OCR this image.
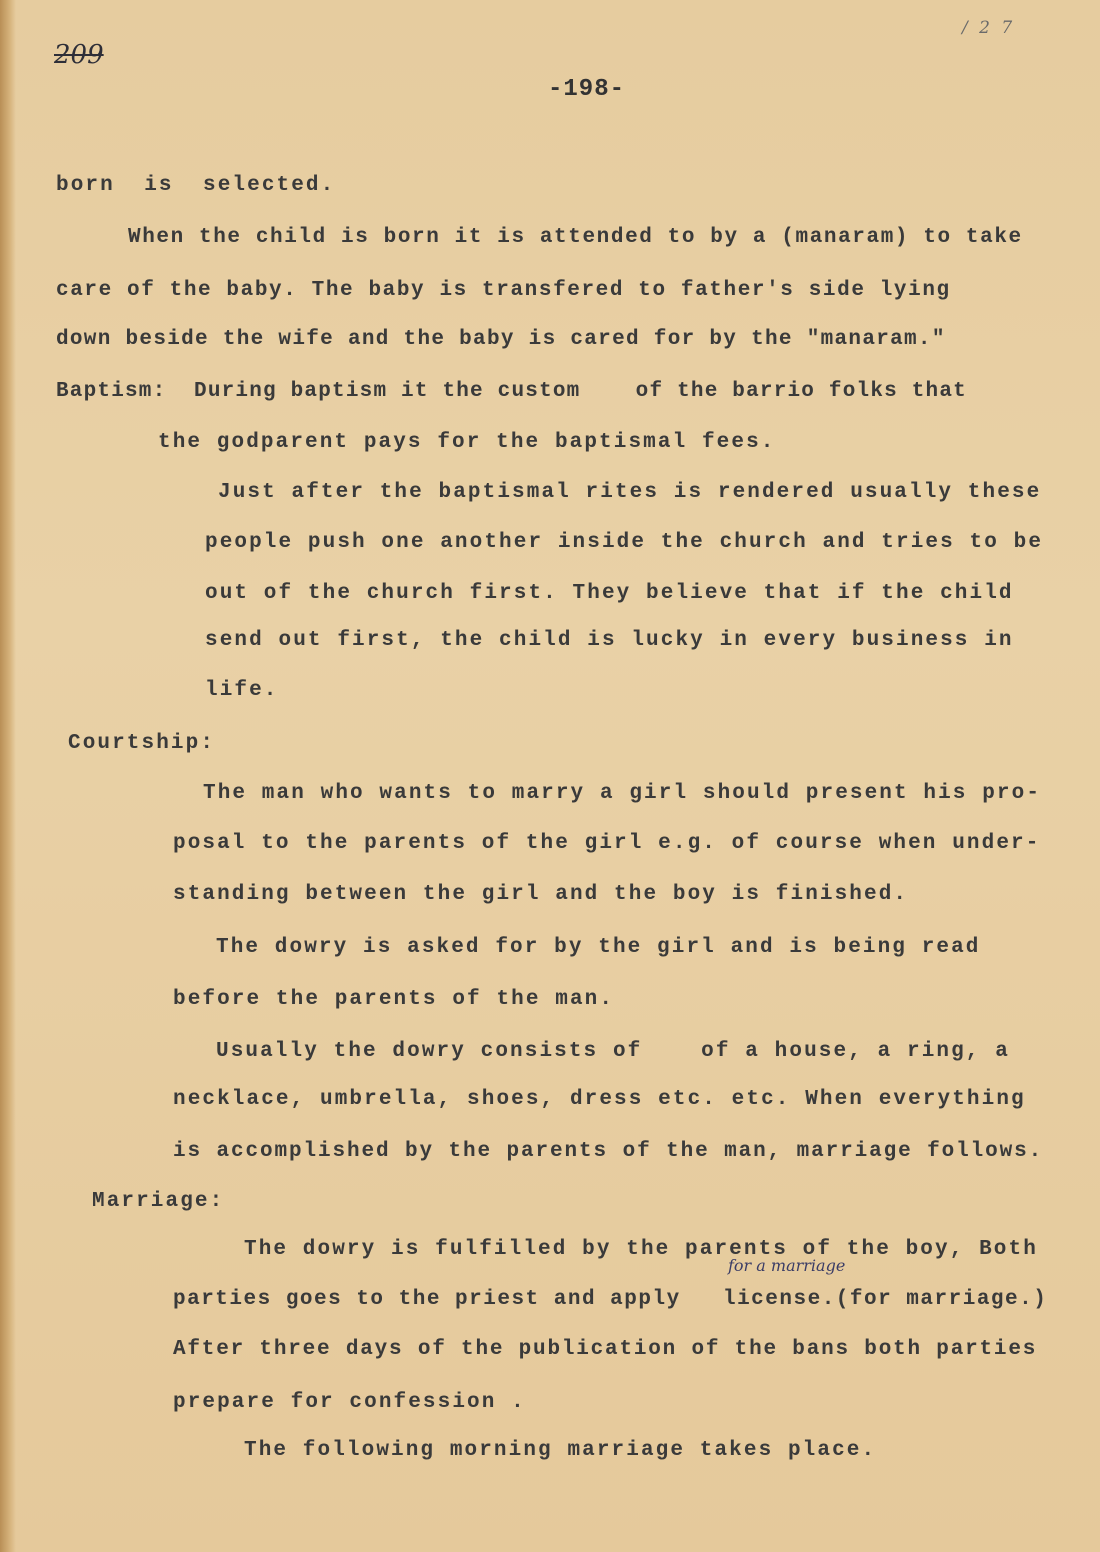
209
/ 2 7
-198-
born  is  selected.
When the child is born it is attended to by a (manaram) to take
care of the baby. The baby is transfered to father's side lying
down beside the wife and the baby is cared for by the "manaram."
Baptism:  During baptism it the custom    of the barrio folks that
the godparent pays for the baptismal fees.
Just after the baptismal rites is rendered usually these
people push one another inside the church and tries to be
out of the church first. They believe that if the child
send out first, the child is lucky in every business in
life.
Courtship:
The man who wants to marry a girl should present his pro-
posal to the parents of the girl e.g. of course when under-
standing between the girl and the boy is finished.
The dowry is asked for by the girl and is being read
before the parents of the man.
Usually the dowry consists of    of a house, a ring, a
necklace, umbrella, shoes, dress etc. etc. When everything
is accomplished by the parents of the man, marriage follows.
Marriage:
The dowry is fulfilled by the parents of the boy, Both
for a marriage
parties goes to the priest and apply   license.(for marriage.)
After three days of the publication of the bans both parties
prepare for confession .
The following morning marriage takes place.
